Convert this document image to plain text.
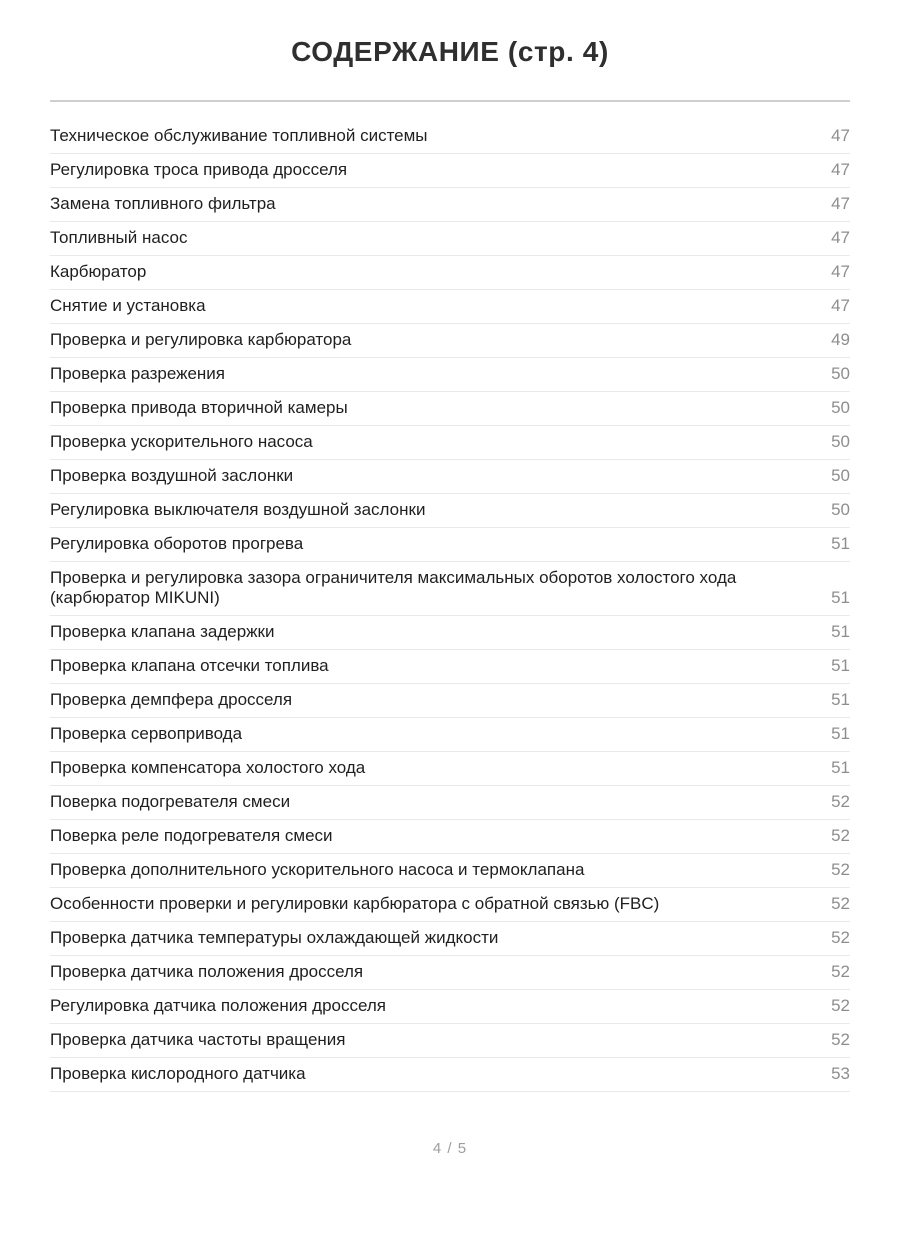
СОДЕРЖАНИЕ (стр. 4)
Техническое обслуживание топливной системы	47
Регулировка троса привода дросселя	47
Замена топливного фильтра	47
Топливный насос	47
Карбюратор	47
Снятие и установка	47
Проверка и регулировка карбюратора	49
Проверка разрежения	50
Проверка привода вторичной камеры	50
Проверка ускорительного насоса	50
Проверка воздушной заслонки	50
Регулировка выключателя воздушной заслонки	50
Регулировка оборотов прогрева	51
Проверка и регулировка зазора ограничителя максимальных оборотов холостого хода (карбюратор MIKUNI)	51
Проверка клапана задержки	51
Проверка клапана отсечки топлива	51
Проверка демпфера дросселя	51
Проверка сервопривода	51
Проверка компенсатора холостого хода	51
Поверка подогревателя смеси	52
Поверка реле подогревателя смеси	52
Проверка дополнительного ускорительного насоса и термоклапана	52
Особенности проверки и регулировки карбюратора с обратной связью (FBC)	52
Проверка датчика температуры охлаждающей жидкости	52
Проверка датчика положения дросселя	52
Регулировка датчика положения дросселя	52
Проверка датчика частоты вращения	52
Проверка кислородного датчика	53
4 / 5
